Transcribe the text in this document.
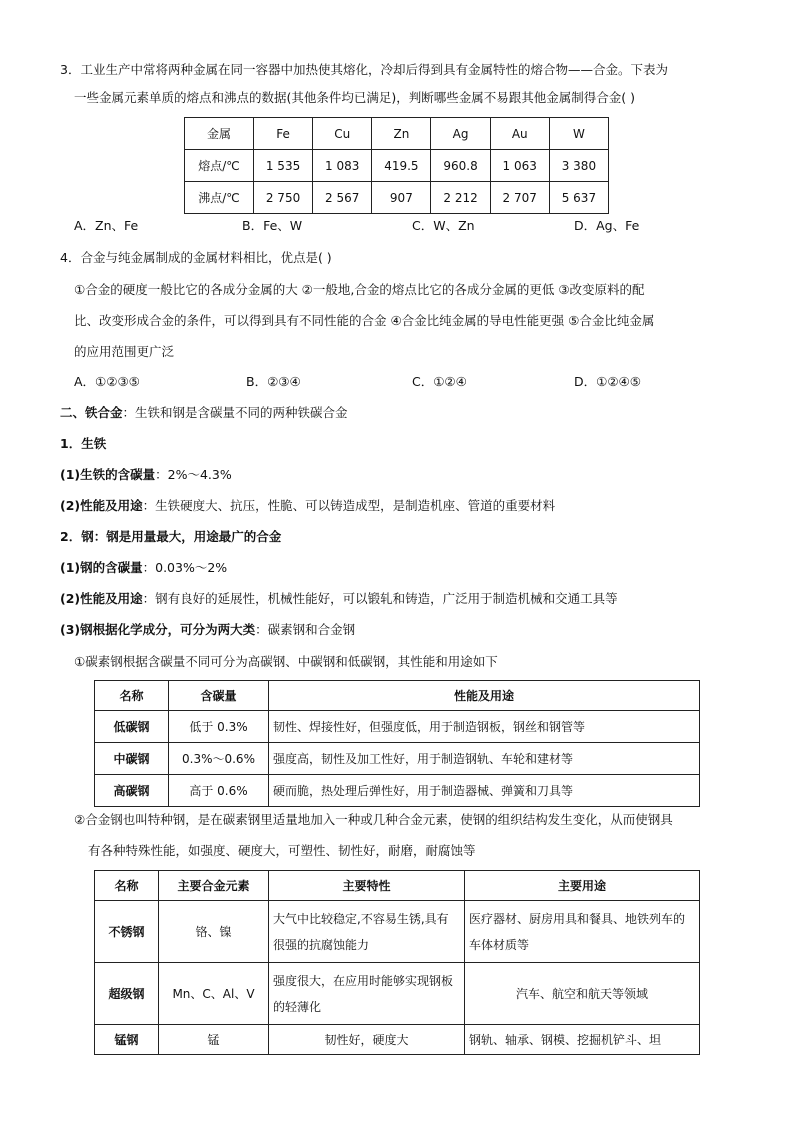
3．工业生产中常将两种金属在同一容器中加热使其熔化，冷却后得到具有金属特性的熔合物——合金。下表为
一些金属元素单质的熔点和沸点的数据(其他条件均已满足)，判断哪些金属不易跟其他金属制得合金( )
金属	Fe	Cu	Zn	Ag	Au	W
熔点/℃	1 535	1 083	419.5	960.8	1 063	3 380
沸点/℃	2 750	2 567	907	2 212	2 707	5 637
A．Zn、Fe	B．Fe、W	C．W、Zn	D．Ag、Fe
4．合金与纯金属制成的金属材料相比，优点是( )
①合金的硬度一般比它的各成分金属的大 ②一般地,合金的熔点比它的各成分金属的更低 ③改变原料的配
比、改变形成合金的条件，可以得到具有不同性能的合金 ④合金比纯金属的导电性能更强 ⑤合金比纯金属
的应用范围更广泛
A．①②③⑤	B．②③④	C．①②④	D．①②④⑤
二、铁合金：生铁和钢是含碳量不同的两种铁碳合金
1．生铁
(1)生铁的含碳量：2%～4.3%
(2)性能及用途：生铁硬度大、抗压，性脆、可以铸造成型，是制造机座、管道的重要材料
2．钢：钢是用量最大，用途最广的合金
(1)钢的含碳量：0.03%～2%
(2)性能及用途：钢有良好的延展性，机械性能好，可以锻轧和铸造，广泛用于制造机械和交通工具等
(3)钢根据化学成分，可分为两大类：碳素钢和合金钢
①碳素钢根据含碳量不同可分为高碳钢、中碳钢和低碳钢，其性能和用途如下
名称	含碳量	性能及用途
低碳钢	低于 0.3%	韧性、焊接性好，但强度低，用于制造钢板，钢丝和钢管等
中碳钢	0.3%～0.6%	强度高，韧性及加工性好，用于制造钢轨、车轮和建材等
高碳钢	高于 0.6%	硬而脆，热处理后弹性好，用于制造器械、弹簧和刀具等
②合金钢也叫特种钢，是在碳素钢里适量地加入一种或几种合金元素，使钢的组织结构发生变化，从而使钢具
有各种特殊性能，如强度、硬度大，可塑性、韧性好，耐磨，耐腐蚀等
名称	主要合金元素	主要特性	主要用途
不锈钢	铬、镍	大气中比较稳定,不容易生锈,具有很强的抗腐蚀能力	医疗器材、厨房用具和餐具、地铁列车的车体材质等
超级钢	Mn、C、Al、V	强度很大，在应用时能够实现钢板的轻薄化	汽车、航空和航天等领域
锰钢	锰	韧性好，硬度大	钢轨、轴承、钢模、挖掘机铲斗、坦
